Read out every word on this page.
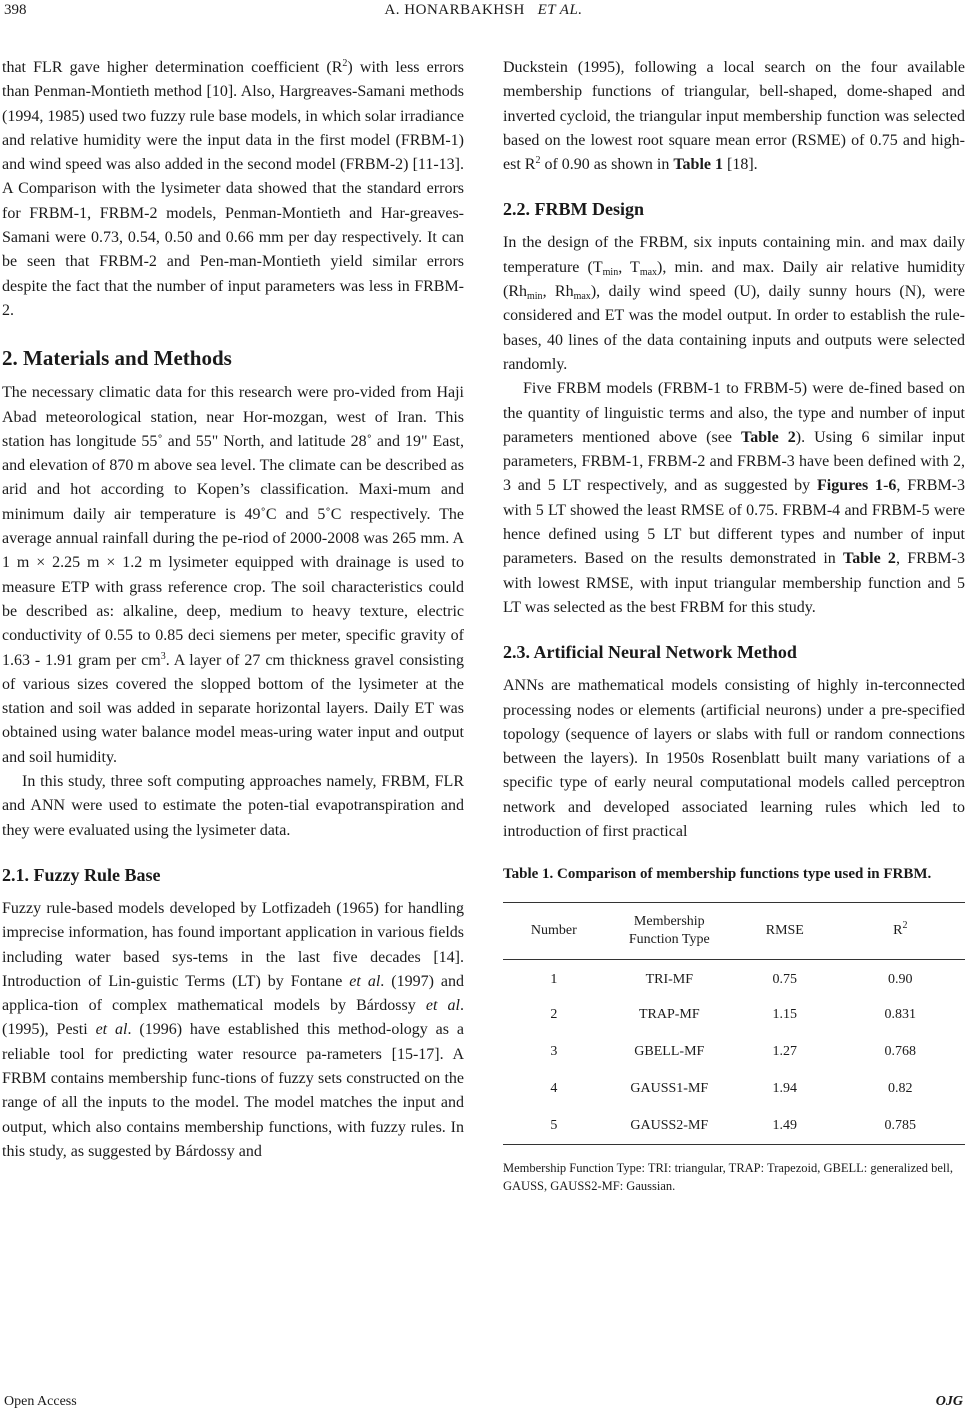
398	A. HONARBAKHSH ET AL.

that FLR gave higher determination coefficient $(R^2)$ with less errors than Penman-Montieth method [10]. Also, Hargreaves-Samani methods (1994, 1985) used two fuzzy rule base models, in which solar irradiance and relative humidity were the input data in the first model (FRBM-1) and wind speed was also added in the second model (FRBM-2) [11-13]. A Comparison with the lysimeter data showed that the standard errors for FRBM-1, FRBM-2 models, Penman-Montieth and Har-greaves-Samani were 0.73, 0.54, 0.50 and 0.66 mm per day respectively. It can be seen that FRBM-2 and Pen-man-Montieth yield similar errors despite the fact that the number of input parameters was less in FRBM-2.

2. Materials and Methods

The necessary climatic data for this research were pro-vided from Haji Abad meteorological station, near Hor-mozgan, west of Iran. This station has longitude 55˚ and 55" North, and latitude 28˚ and 19" East, and elevation of 870 m above sea level. The climate can be described as arid and hot according to Kopen’s classification. Maxi-mum and minimum daily air temperature is 49˚C and 5˚C respectively. The average annual rainfall during the pe-riod of 2000-2008 was 265 mm. A 1 m × 2.25 m × 1.2 m lysimeter equipped with drainage is used to measure ETP with grass reference crop. The soil characteristics could be described as: alkaline, deep, medium to heavy texture, electric conductivity of 0.55 to 0.85 deci siemens per meter, specific gravity of 1.63 - 1.91 gram per $cm^3$. A layer of 27 cm thickness gravel consisting of various sizes covered the slopped bottom of the lysimeter at the station and soil was added in separate horizontal layers. Daily ET was obtained using water balance model meas-uring water input and output and soil humidity.

In this study, three soft computing approaches namely, FRBM, FLR and ANN were used to estimate the poten-tial evapotranspiration and they were evaluated using the lysimeter data.

2.1. Fuzzy Rule Base

Fuzzy rule-based models developed by Lotfizadeh (1965) for handling imprecise information, has found important application in various fields including water based sys-tems in the last five decades [14]. Introduction of Lin-guistic Terms (LT) by Fontane et al. (1997) and applica-tion of complex mathematical models by Bárdossy et al. (1995), Pesti et al. (1996) have established this method-ology as a reliable tool for predicting water resource pa-rameters [15-17]. A FRBM contains membership func-tions of fuzzy sets constructed on the range of all the inputs to the model. The model matches the input and output, which also contains membership functions, with fuzzy rules. In this study, as suggested by Bárdossy and

Duckstein (1995), following a local search on the four available membership functions of triangular, bell-shaped, dome-shaped and inverted cycloid, the triangular input membership function was selected based on the lowest root square mean error (RSME) of 0.75 and high-est $R^2$ of 0.90 as shown in Table 1 [18].

2.2. FRBM Design

In the design of the FRBM, six inputs containing min. and max daily temperature ($T_{min}$, $T_{max}$), min. and max. Daily air relative humidity ($Rh_{min}$, $Rh_{max}$), daily wind speed (U), daily sunny hours (N), were considered and ET was the model output. In order to establish the rule-bases, 40 lines of the data containing inputs and outputs were selected randomly.

Five FRBM models (FRBM-1 to FRBM-5) were de-fined based on the quantity of linguistic terms and also, the type and number of input parameters mentioned above (see Table 2). Using 6 similar input parameters, FRBM-1, FRBM-2 and FRBM-3 have been defined with 2, 3 and 5 LT respectively, and as suggested by Figures 1-6, FRBM-3 with 5 LT showed the least RMSE of 0.75. FRBM-4 and FRBM-5 were hence defined using 5 LT but different types and number of input parameters. Based on the results demonstrated in Table 2, FRBM-3 with lowest RMSE, with input triangular membership function and 5 LT was selected as the best FRBM for this study.

2.3. Artificial Neural Network Method

ANNs are mathematical models consisting of highly in-terconnected processing nodes or elements (artificial neurons) under a pre-specified topology (sequence of layers or slabs with full or random connections between the layers). In 1950s Rosenblatt built many variations of a specific type of early neural computational models called perceptron network and developed associated learning rules which led to introduction of first practical

Table 1. Comparison of membership functions type used in FRBM.

Number	Membership Function Type	RMSE	$R^2$
1	TRI-MF	0.75	0.90
2	TRAP-MF	1.15	0.831
3	GBELL-MF	1.27	0.768
4	GAUSS1-MF	1.94	0.82
5	GAUSS2-MF	1.49	0.785

Membership Function Type: TRI: triangular, TRAP: Trapezoid, GBELL: generalized bell, GAUSS, GAUSS2-MF: Gaussian.

Open Access	OJG
